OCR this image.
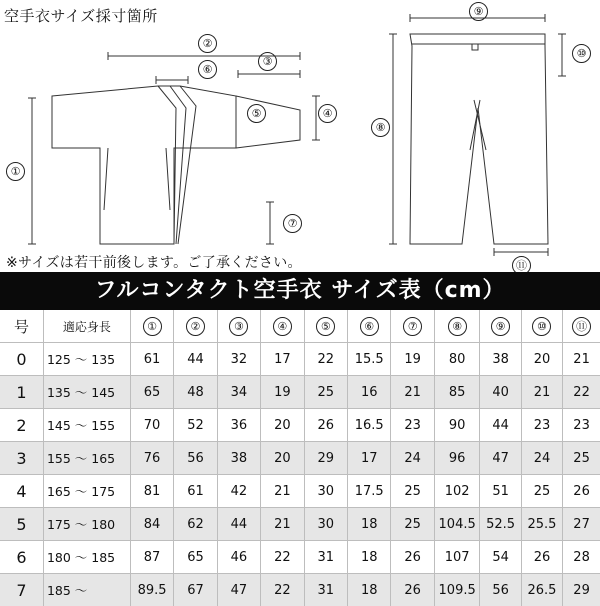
空手衣サイズ採寸箇所
①
②
③
④
⑤
⑥
⑦
⑧
⑨
⑩
⑪
※サイズは若干前後します。ご了承ください。
フルコンタクト空手衣 サイズ表（cm）
号	適応身長	①	②	③	④	⑤	⑥	⑦	⑧	⑨	⑩	⑪
0	125 ～ 135	61	44	32	17	22	15.5	19	80	38	20	21
1	135 ～ 145	65	48	34	19	25	16	21	85	40	21	22
2	145 ～ 155	70	52	36	20	26	16.5	23	90	44	23	23
3	155 ～ 165	76	56	38	20	29	17	24	96	47	24	25
4	165 ～ 175	81	61	42	21	30	17.5	25	102	51	25	26
5	175 ～ 180	84	62	44	21	30	18	25	104.5	52.5	25.5	27
6	180 ～ 185	87	65	46	22	31	18	26	107	54	26	28
7	185 ～	89.5	67	47	22	31	18	26	109.5	56	26.5	29
